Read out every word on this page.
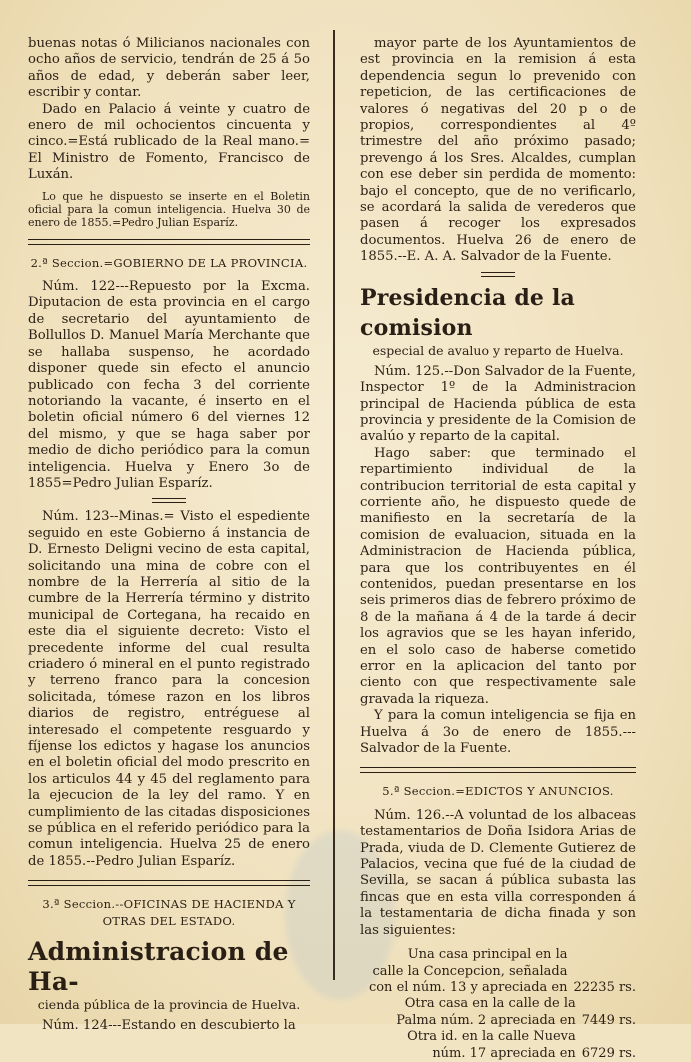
buenas notas ó Milicianos nacionales con ocho años de servicio, tendrán de 25 á 5o años de edad, y deberán saber leer, escribir y contar.

Dado en Palacio á veinte y cuatro de enero de mil ochocientos cincuenta y cinco.=Está rublicado de la Real mano.= El Ministro de Fomento, Francisco de Luxán.

Lo que he dispuesto se inserte en el Boletin oficial para la comun inteligencia. Huelva 30 de enero de 1855.=Pedro Julian Esparíz.

2.ª Seccion.=GOBIERNO DE LA PROVINCIA.

Núm. 122---Repuesto por la Excma. Diputacion de esta provincia en el cargo de secretario del ayuntamiento de Bollullos D. Manuel María Merchante que se hallaba suspenso, he acordado disponer quede sin efecto el anuncio publicado con fecha 3 del corriente notoriando la vacante, é inserto en el boletin oficial número 6 del viernes 12 del mismo, y que se haga saber por medio de dicho periódico para la comun inteligencia. Huelva y Enero 3o de 1855=Pedro Julian Esparíz.

Núm. 123--Minas.= Visto el espediente seguido en este Gobierno á instancia de D. Ernesto Deligni vecino de esta capital, solicitando una mina de cobre con el nombre de la Herrería al sitio de la cumbre de la Herrería término y distrito municipal de Cortegana, ha recaido en este dia el siguiente decreto: Visto el precedente informe del cual resulta criadero ó mineral en el punto registrado y terreno franco para la concesion solicitada, tómese razon en los libros diarios de registro, entréguese al interesado el competente resguardo y fíjense los edictos y hagase los anuncios en el boletin oficial del modo prescrito en los articulos 44 y 45 del reglamento para la ejecucion de la ley del ramo. Y en cumplimiento de las citadas disposiciones se pública en el referido periódico para la comun inteligencia. Huelva 25 de enero de 1855.--Pedro Julian Esparíz.

3.ª Seccion.--OFICINAS DE HACIENDA Y OTRAS DEL ESTADO.
Administracion de Ha-
cienda pública de la provincia de Huelva.

Núm. 124---Estando en descubierto la

mayor parte de los Ayuntamientos de est provincia en la remision á esta dependencia segun lo prevenido con repeticion, de las certificaciones de valores ó negativas del 20 p o de propios, correspondientes al 4º trimestre del año próximo pasado; prevengo á los Sres. Alcaldes, cumplan con ese deber sin perdida de momento: bajo el concepto, que de no verificarlo, se acordará la salida de verederos que pasen á recoger los expresados documentos. Huelva 26 de enero de 1855.--E. A. A. Salvador de la Fuente.

Presidencia de la comision
especial de avaluo y reparto de Huelva.

Núm. 125.--Don Salvador de la Fuente, Inspector 1º de la Administracion principal de Hacienda pública de esta provincia y presidente de la Comision de avalúo y reparto de la capital.

Hago saber: que terminado el repartimiento individual de la contribucion territorial de esta capital y corriente año, he dispuesto quede de manifiesto en la secretaría de la comision de evaluacion, situada en la Administracion de Hacienda pública, para que los contribuyentes en él contenidos, puedan presentarse en los seis primeros dias de febrero próximo de 8 de la mañana á 4 de la tarde á decir los agravios que se les hayan inferido, en el solo caso de haberse cometido error en la aplicacion del tanto por ciento con que respectivamente sale gravada la riqueza.

Y para la comun inteligencia se fija en Huelva á 3o de enero de 1855.---Salvador de la Fuente.

5.ª Seccion.=EDICTOS Y ANUNCIOS.

Núm. 126.--A voluntad de los albaceas testamentarios de Doña Isidora Arias de Prada, viuda de D. Clemente Gutierez de Palacios, vecina que fué de la ciudad de Sevilla, se sacan á pública subasta las fincas que en esta villa corresponden á la testamentaria de dicha finada y son las siguientes:

Una casa principal en la calle la Concepcion, señalada con el núm. 13 y apreciada en 22235 rs.
Otra casa en la calle de la Palma núm. 2 apreciada en 7449 rs.
Otra id. en la calle Nueva núm. 17 apreciada en 6729 rs.
